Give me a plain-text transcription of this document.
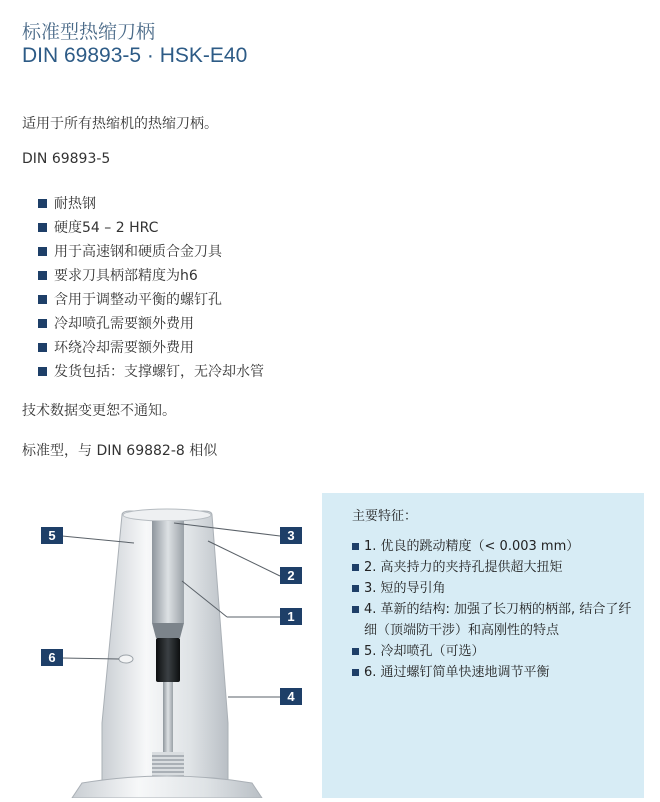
标准型热缩刀柄
DIN 69893-5 · HSK-E40
适用于所有热缩机的热缩刀柄。
DIN 69893-5
耐热钢
硬度54 – 2 HRC
用于高速钢和硬质合金刀具
要求刀具柄部精度为h6
含用于调整动平衡的螺钉孔
冷却喷孔需要额外费用
环绕冷却需要额外费用
发货包括：支撑螺钉，无冷却水管
技术数据变更恕不通知。
标准型，与 DIN 69882-8 相似
5	3
2
1
6
4
主要特征：
1. 优良的跳动精度（< 0.003 mm）
2. 高夹持力的夹持孔提供超大扭矩
3. 短的导引角
4. 革新的结构: 加强了长刀柄的柄部, 结合了纤细（顶端防干涉）和高刚性的特点
5. 冷却喷孔（可选）
6. 通过螺钉简单快速地调节平衡
